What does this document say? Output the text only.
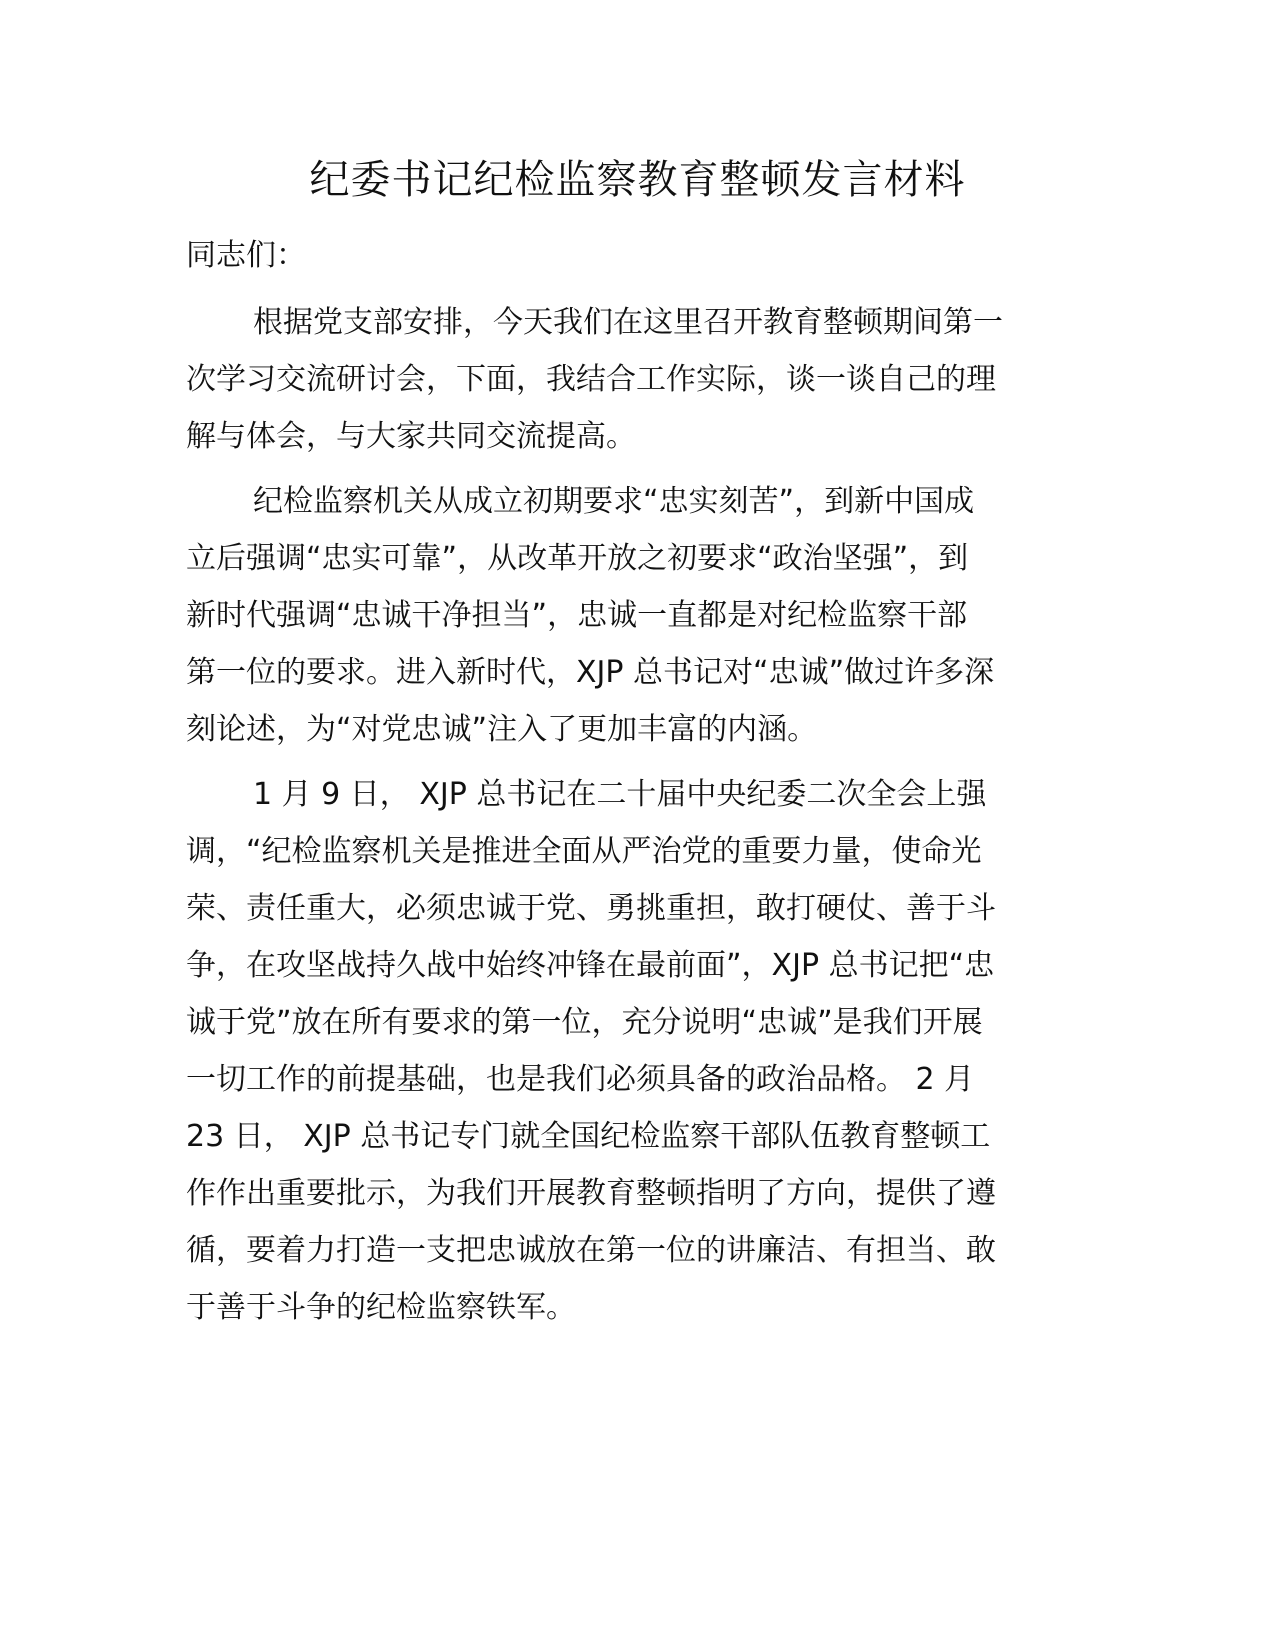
纪委书记纪检监察教育整顿发言材料
同志们：
根据党支部安排，今天我们在这里召开教育整顿期间第一
次学习交流研讨会，下面，我结合工作实际，谈一谈自己的理
解与体会，与大家共同交流提高。
纪检监察机关从成立初期要求“忠实刻苦”，到新中国成
立后强调“忠实可靠”，从改革开放之初要求“政治坚强”，到
新时代强调“忠诚干净担当”，忠诚一直都是对纪检监察干部
第一位的要求。进入新时代，XJP 总书记对“忠诚”做过许多深
刻论述，为“对党忠诚”注入了更加丰富的内涵。
1 月 9 日， XJP 总书记在二十届中央纪委二次全会上强
调，“纪检监察机关是推进全面从严治党的重要力量，使命光
荣、责任重大，必须忠诚于党、勇挑重担，敢打硬仗、善于斗
争，在攻坚战持久战中始终冲锋在最前面”，XJP 总书记把“忠
诚于党”放在所有要求的第一位，充分说明“忠诚”是我们开展
一切工作的前提基础，也是我们必须具备的政治品格。 2 月
23 日， XJP 总书记专门就全国纪检监察干部队伍教育整顿工
作作出重要批示，为我们开展教育整顿指明了方向，提供了遵
循，要着力打造一支把忠诚放在第一位的讲廉洁、有担当、敢
于善于斗争的纪检监察铁军。
